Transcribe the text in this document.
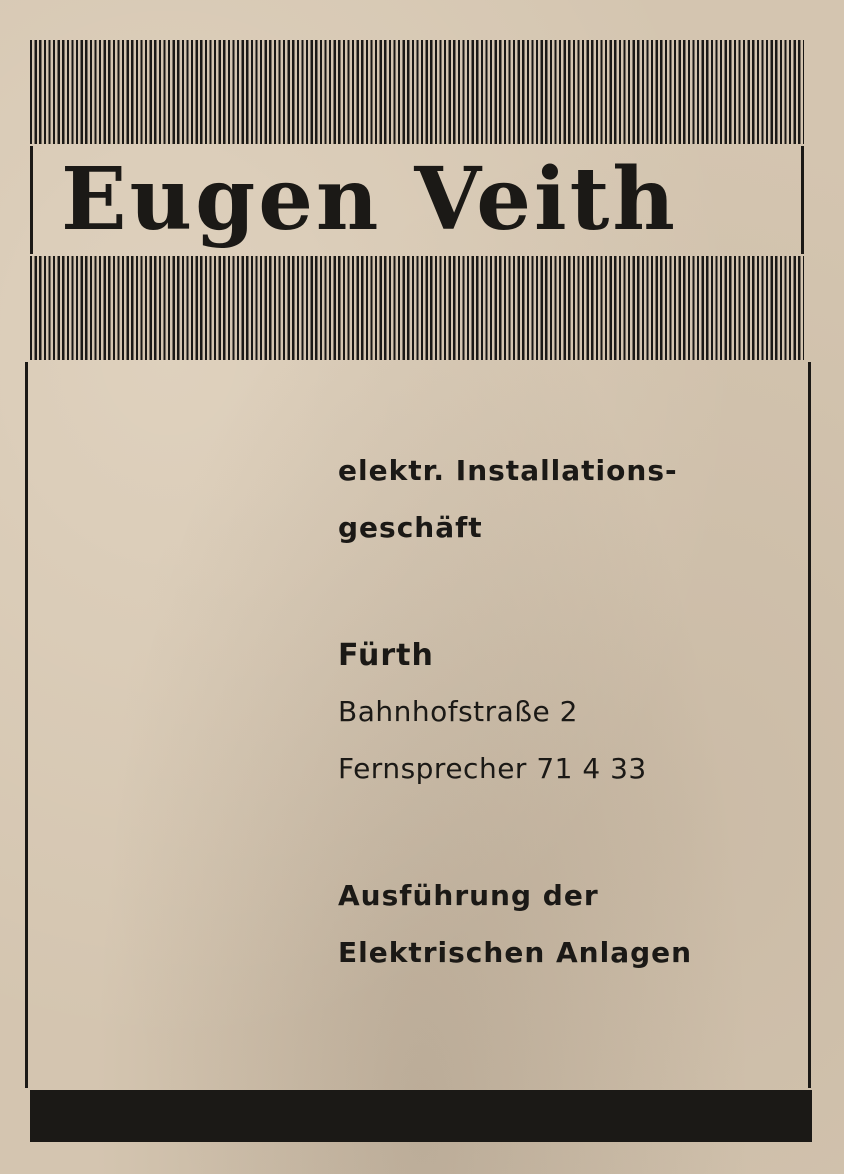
Eugen Veith

elektr. Installations-

geschäft

Fürth

Bahnhofstraße 2

Fernsprecher 71 4 33

Ausführung der

Elektrischen Anlagen
